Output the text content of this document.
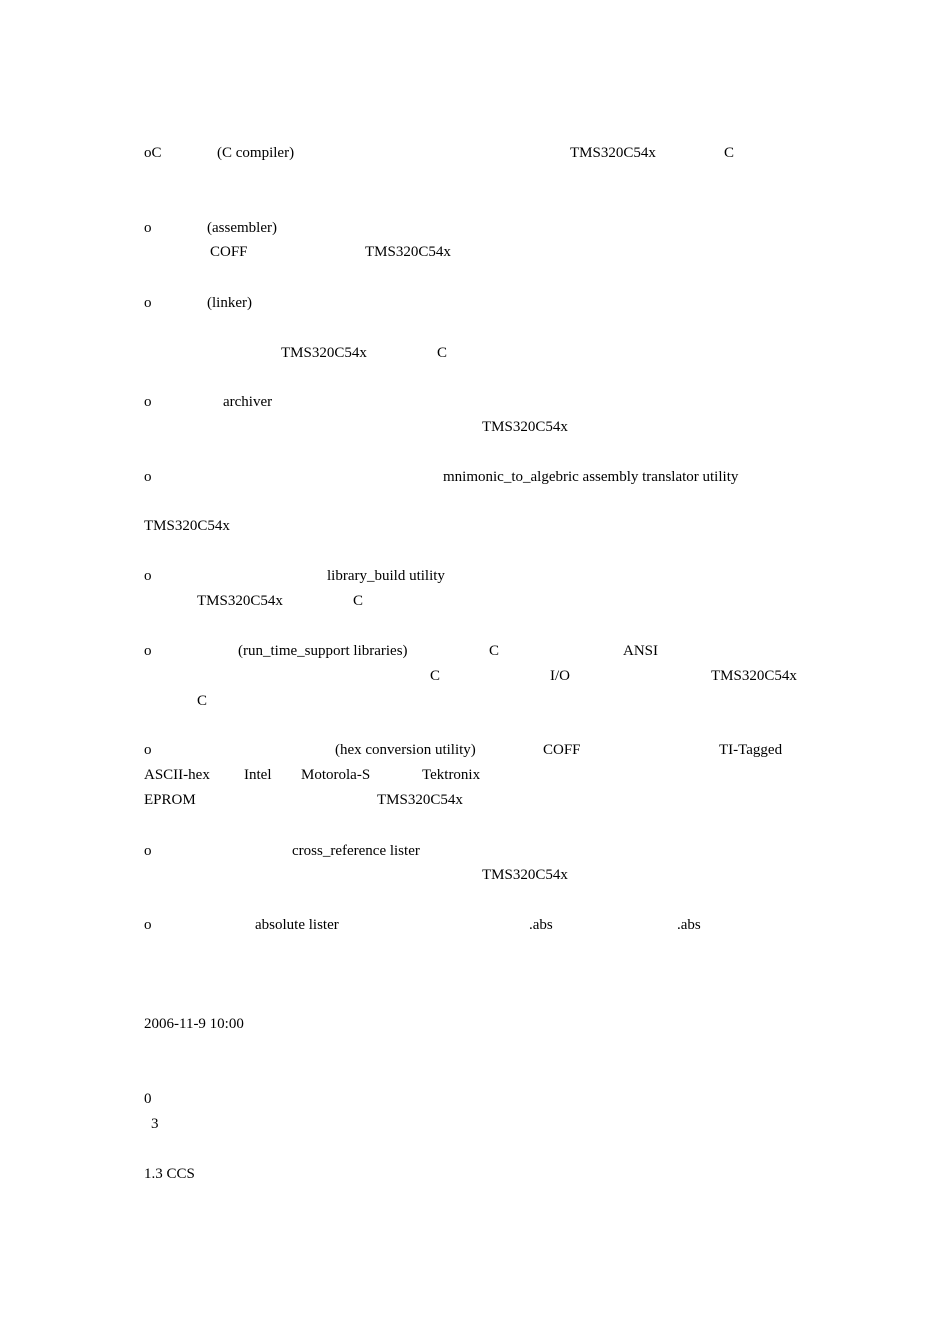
oC	(C compiler)	TMS320C54x	C
o	(assembler)
COFF	TMS320C54x
o	(linker)
TMS320C54x	C
o	archiver
TMS320C54x
o	mnimonic_to_algebric assembly translator utility
TMS320C54x
o	library_build utility
TMS320C54x	C
o	(run_time_support libraries)	C	ANSI
C	I/O	TMS320C54x
C
o	(hex conversion utility)	COFF	TI-Tagged
ASCII-hex Intel Motorola-S	Tektronix
EPROM	TMS320C54x
o	cross_reference lister
TMS320C54x
o	absolute lister	.abs	.abs
2006-11-9 10:00
0
3
1.3 CCS
